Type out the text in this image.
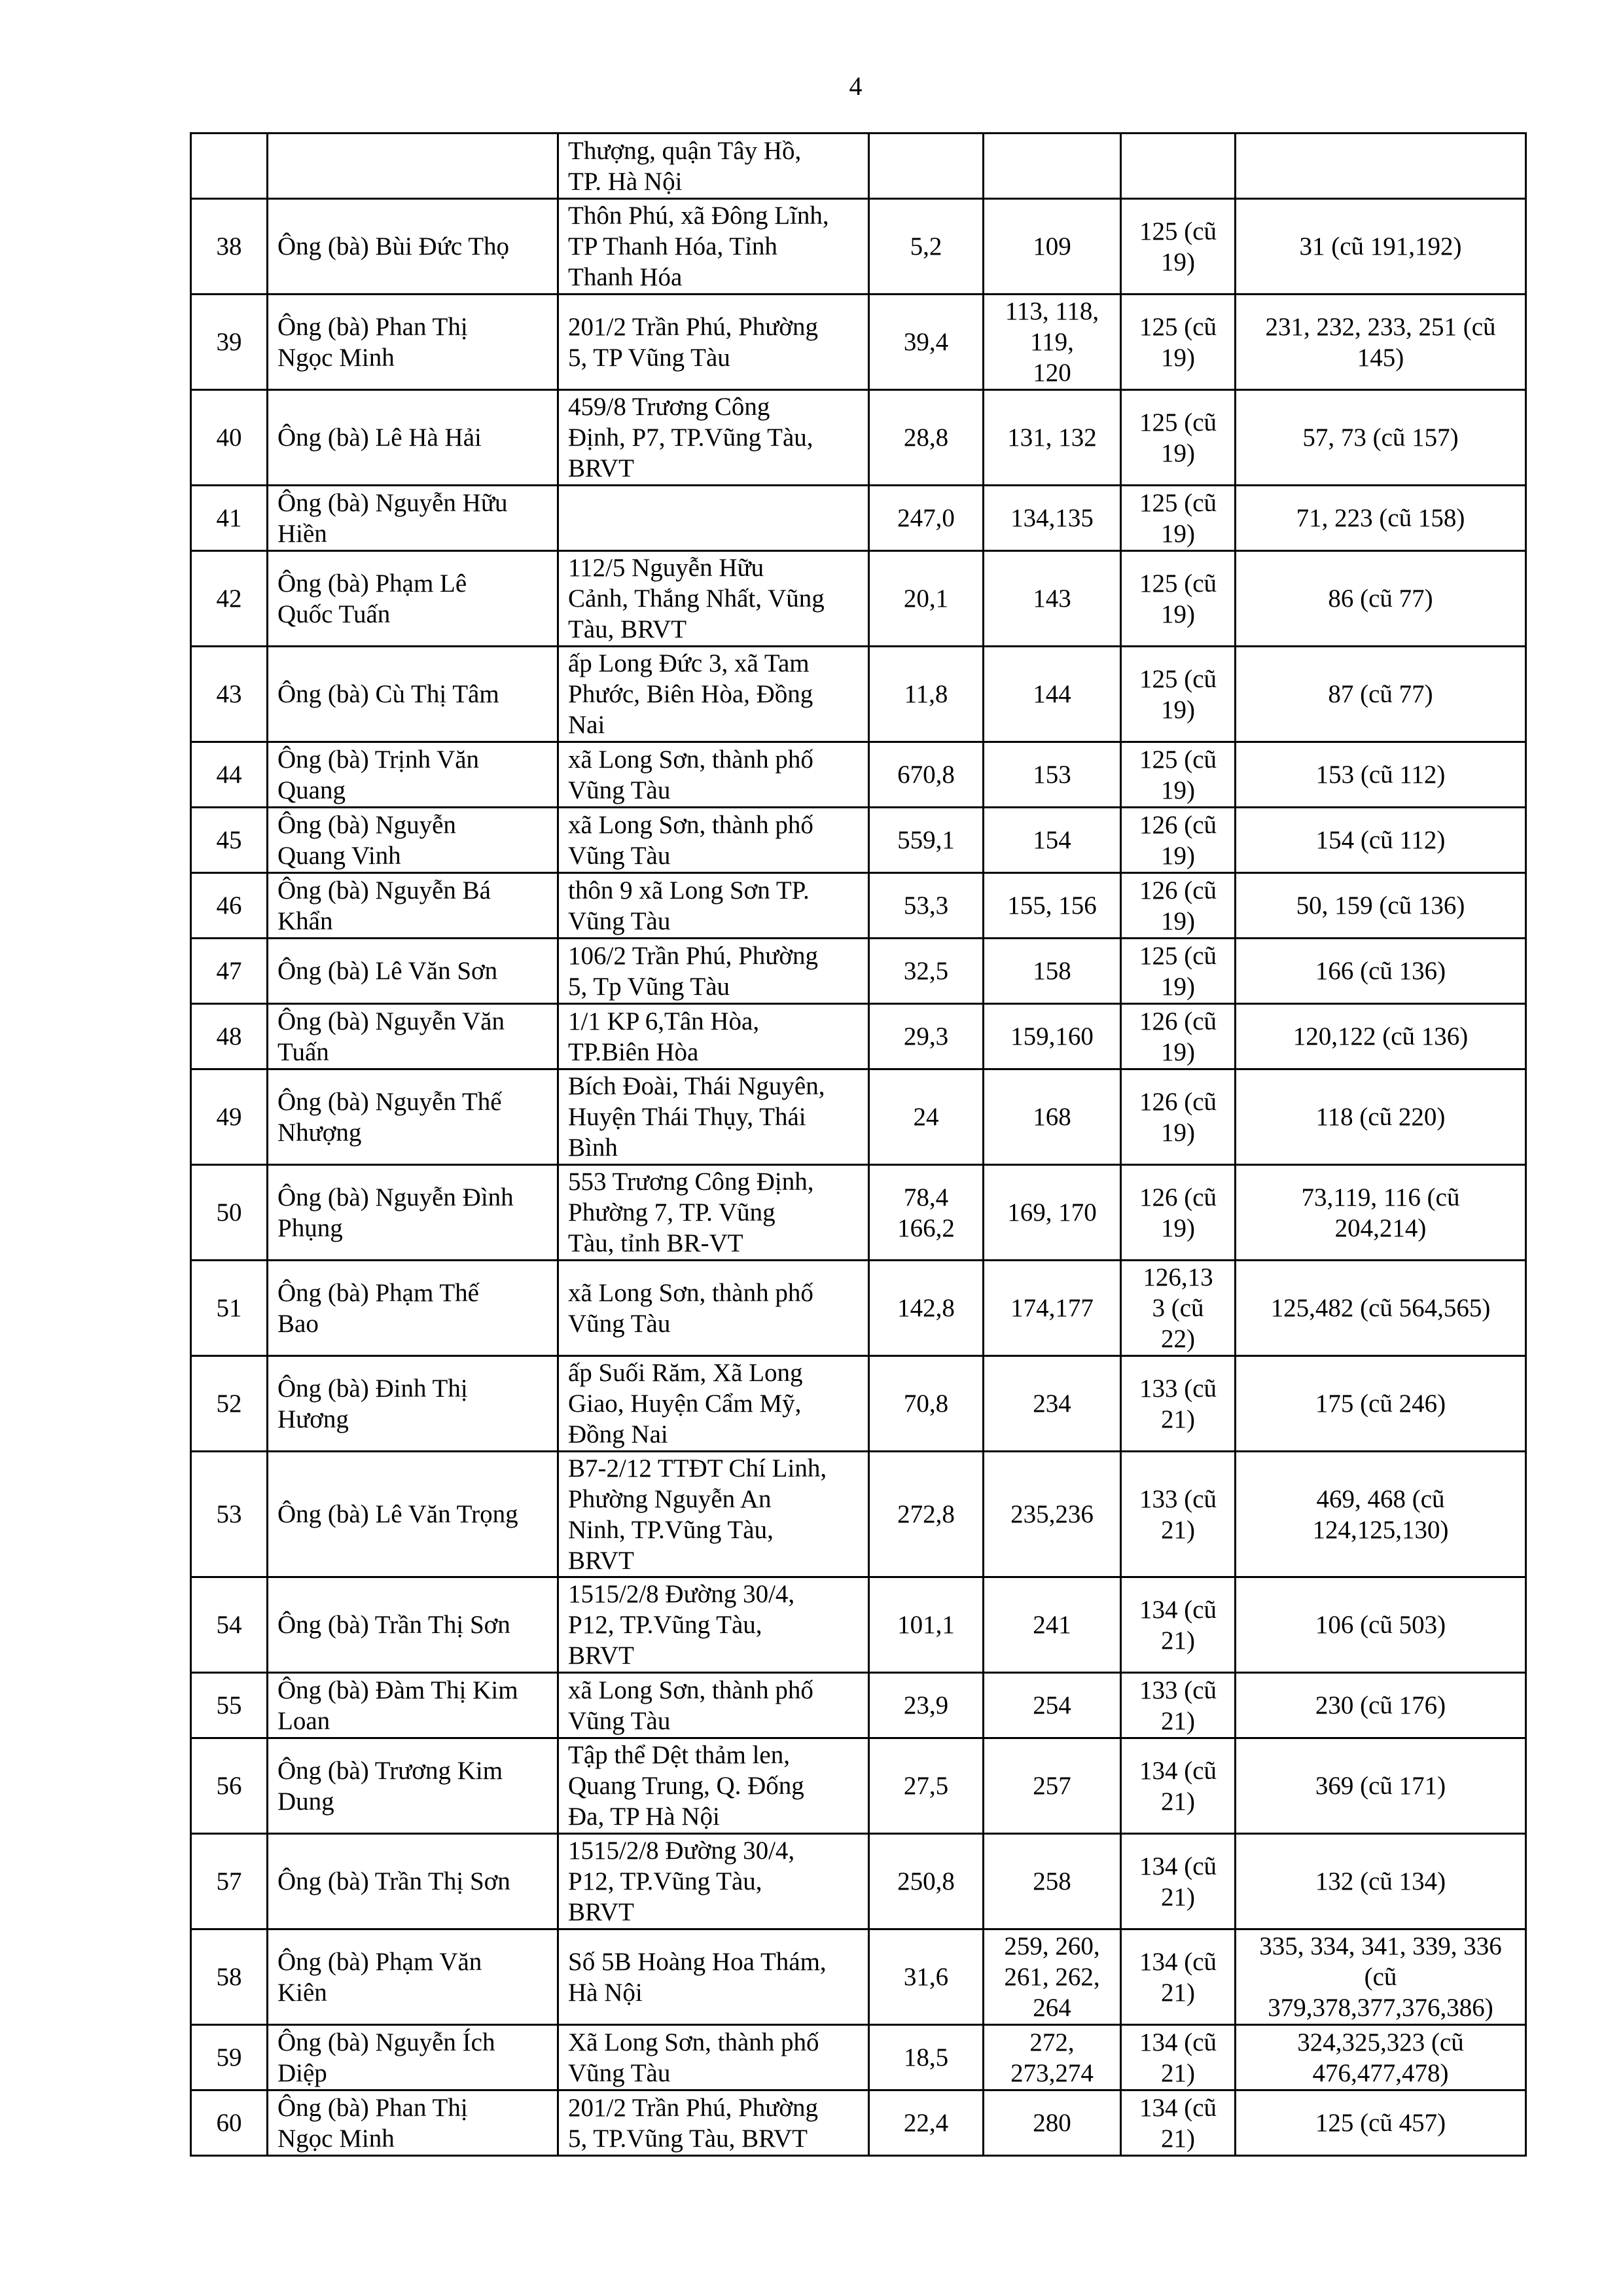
4
		Thượng, quận Tây Hồ,
TP. Hà Nội				
38	Ông (bà) Bùi Đức Thọ	Thôn Phú, xã Đông Lĩnh,
TP Thanh Hóa, Tỉnh
Thanh Hóa	5,2	109	125 (cũ
19)	31 (cũ 191,192)
39	Ông (bà) Phan Thị
Ngọc Minh	201/2 Trần Phú, Phường
5, TP Vũng Tàu	39,4	113, 118,
119,
120	125 (cũ
19)	231, 232, 233, 251 (cũ
145)
40	Ông (bà) Lê Hà Hải	459/8 Trương Công
Định, P7, TP.Vũng Tàu,
BRVT	28,8	131, 132	125 (cũ
19)	57, 73 (cũ 157)
41	Ông (bà) Nguyễn Hữu
Hiền		247,0	134,135	125 (cũ
19)	71, 223 (cũ 158)
42	Ông (bà) Phạm Lê
Quốc Tuấn	112/5 Nguyễn Hữu
Cảnh, Thắng Nhất, Vũng
Tàu, BRVT	20,1	143	125 (cũ
19)	86 (cũ 77)
43	Ông (bà) Cù Thị Tâm	ấp Long Đức 3, xã Tam
Phước, Biên Hòa, Đồng
Nai	11,8	144	125 (cũ
19)	87 (cũ 77)
44	Ông (bà) Trịnh Văn
Quang	xã Long Sơn, thành phố
Vũng Tàu	670,8	153	125 (cũ
19)	153 (cũ 112)
45	Ông (bà) Nguyễn
Quang Vinh	xã Long Sơn, thành phố
Vũng Tàu	559,1	154	126 (cũ
19)	154 (cũ 112)
46	Ông (bà) Nguyễn Bá
Khẩn	thôn 9 xã Long Sơn TP.
Vũng Tàu	53,3	155, 156	126 (cũ
19)	50, 159 (cũ 136)
47	Ông (bà) Lê Văn Sơn	106/2 Trần Phú, Phường
5, Tp Vũng Tàu	32,5	158	125 (cũ
19)	166 (cũ 136)
48	Ông (bà) Nguyễn Văn
Tuấn	1/1 KP 6,Tân Hòa,
TP.Biên Hòa	29,3	159,160	126 (cũ
19)	120,122 (cũ 136)
49	Ông (bà) Nguyễn Thế
Nhượng	Bích Đoài, Thái Nguyên,
Huyện Thái Thụy, Thái
Bình	24	168	126 (cũ
19)	118 (cũ 220)
50	Ông (bà) Nguyễn Đình
Phụng	553 Trương Công Định,
Phường 7, TP. Vũng
Tàu, tỉnh BR-VT	78,4
166,2	169, 170	126 (cũ
19)	73,119, 116 (cũ
204,214)
51	Ông (bà) Phạm Thế
Bao	xã Long Sơn, thành phố
Vũng Tàu	142,8	174,177	126,13
3 (cũ
22)	125,482 (cũ 564,565)
52	Ông (bà) Đinh Thị
Hương	ấp Suối Răm, Xã Long
Giao, Huyện Cẩm Mỹ,
Đồng Nai	70,8	234	133 (cũ
21)	175 (cũ 246)
53	Ông (bà) Lê Văn Trọng	B7-2/12 TTĐT Chí Linh,
Phường Nguyễn An
Ninh, TP.Vũng Tàu,
BRVT	272,8	235,236	133 (cũ
21)	469, 468 (cũ
124,125,130)
54	Ông (bà) Trần Thị Sơn	1515/2/8 Đường 30/4,
P12, TP.Vũng Tàu,
BRVT	101,1	241	134 (cũ
21)	106 (cũ 503)
55	Ông (bà) Đàm Thị Kim
Loan	xã Long Sơn, thành phố
Vũng Tàu	23,9	254	133 (cũ
21)	230 (cũ 176)
56	Ông (bà) Trương Kim
Dung	Tập thể Dệt thảm len,
Quang Trung, Q. Đống
Đa, TP Hà Nội	27,5	257	134 (cũ
21)	369 (cũ 171)
57	Ông (bà) Trần Thị Sơn	1515/2/8 Đường 30/4,
P12, TP.Vũng Tàu,
BRVT	250,8	258	134 (cũ
21)	132 (cũ 134)
58	Ông (bà) Phạm Văn
Kiên	Số 5B Hoàng Hoa Thám,
Hà Nội	31,6	259, 260,
261, 262,
264	134 (cũ
21)	335, 334, 341, 339, 336
(cũ
379,378,377,376,386)
59	Ông (bà) Nguyễn Ích
Diệp	Xã Long Sơn, thành phố
Vũng Tàu	18,5	272,
273,274	134 (cũ
21)	324,325,323 (cũ
476,477,478)
60	Ông (bà) Phan Thị
Ngọc Minh	201/2 Trần Phú, Phường
5, TP.Vũng Tàu, BRVT	22,4	280	134 (cũ
21)	125 (cũ 457)
